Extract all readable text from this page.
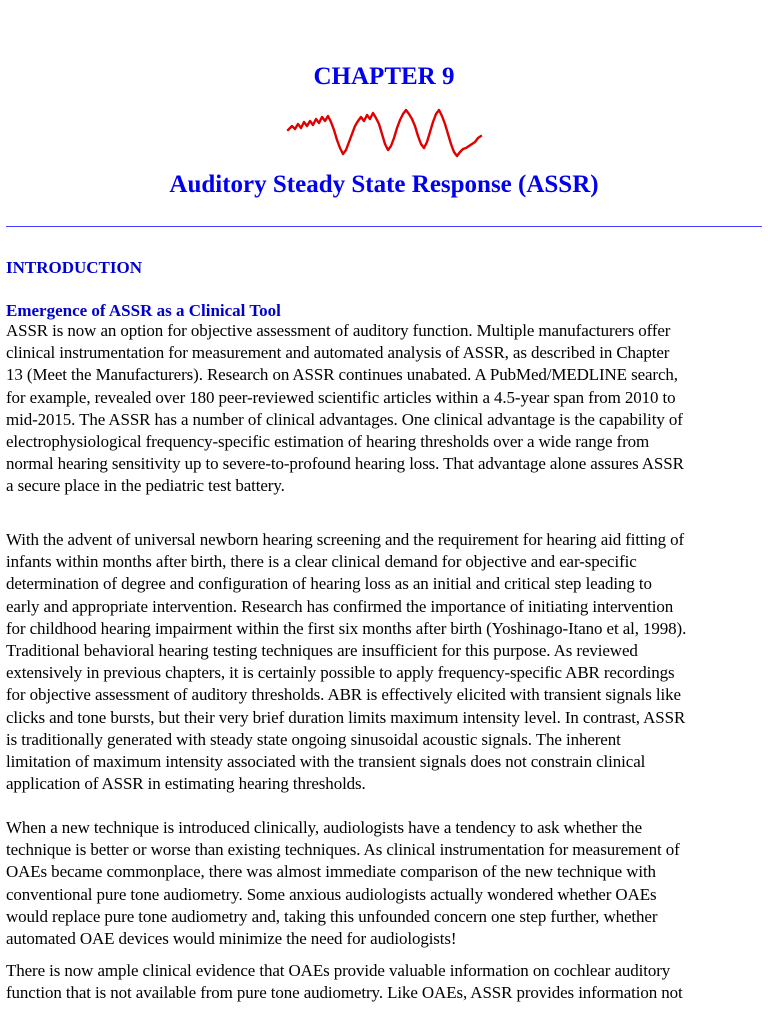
CHAPTER 9
Auditory Steady State Response (ASSR)
INTRODUCTION
Emergence of ASSR as a Clinical Tool
ASSR is now an option for objective assessment of auditory function. Multiple manufacturers offer
clinical instrumentation for measurement and automated analysis of ASSR, as described in Chapter
13 (Meet the Manufacturers). Research on ASSR continues unabated. A PubMed/MEDLINE search,
for example, revealed over 180 peer-reviewed scientific articles within a 4.5-year span from 2010 to
mid-2015. The ASSR has a number of clinical advantages. One clinical advantage is the capability of
electrophysiological frequency-specific estimation of hearing thresholds over a wide range from
normal hearing sensitivity up to severe-to-profound hearing loss. That advantage alone assures ASSR
a secure place in the pediatric test battery.
With the advent of universal newborn hearing screening and the requirement for hearing aid fitting of
infants within months after birth, there is a clear clinical demand for objective and ear-specific
determination of degree and configuration of hearing loss as an initial and critical step leading to
early and appropriate intervention. Research has confirmed the importance of initiating intervention
for childhood hearing impairment within the first six months after birth (Yoshinago-Itano et al, 1998).
Traditional behavioral hearing testing techniques are insufficient for this purpose. As reviewed
extensively in previous chapters, it is certainly possible to apply frequency-specific ABR recordings
for objective assessment of auditory thresholds. ABR is effectively elicited with transient signals like
clicks and tone bursts, but their very brief duration limits maximum intensity level. In contrast, ASSR
is traditionally generated with steady state ongoing sinusoidal acoustic signals. The inherent
limitation of maximum intensity associated with the transient signals does not constrain clinical
application of ASSR in estimating hearing thresholds.
When a new technique is introduced clinically, audiologists have a tendency to ask whether the
technique is better or worse than existing techniques. As clinical instrumentation for measurement of
OAEs became commonplace, there was almost immediate comparison of the new technique with
conventional pure tone audiometry. Some anxious audiologists actually wondered whether OAEs
would replace pure tone audiometry and, taking this unfounded concern one step further, whether
automated OAE devices would minimize the need for audiologists!
There is now ample clinical evidence that OAEs provide valuable information on cochlear auditory
function that is not available from pure tone audiometry. Like OAEs, ASSR provides information not
